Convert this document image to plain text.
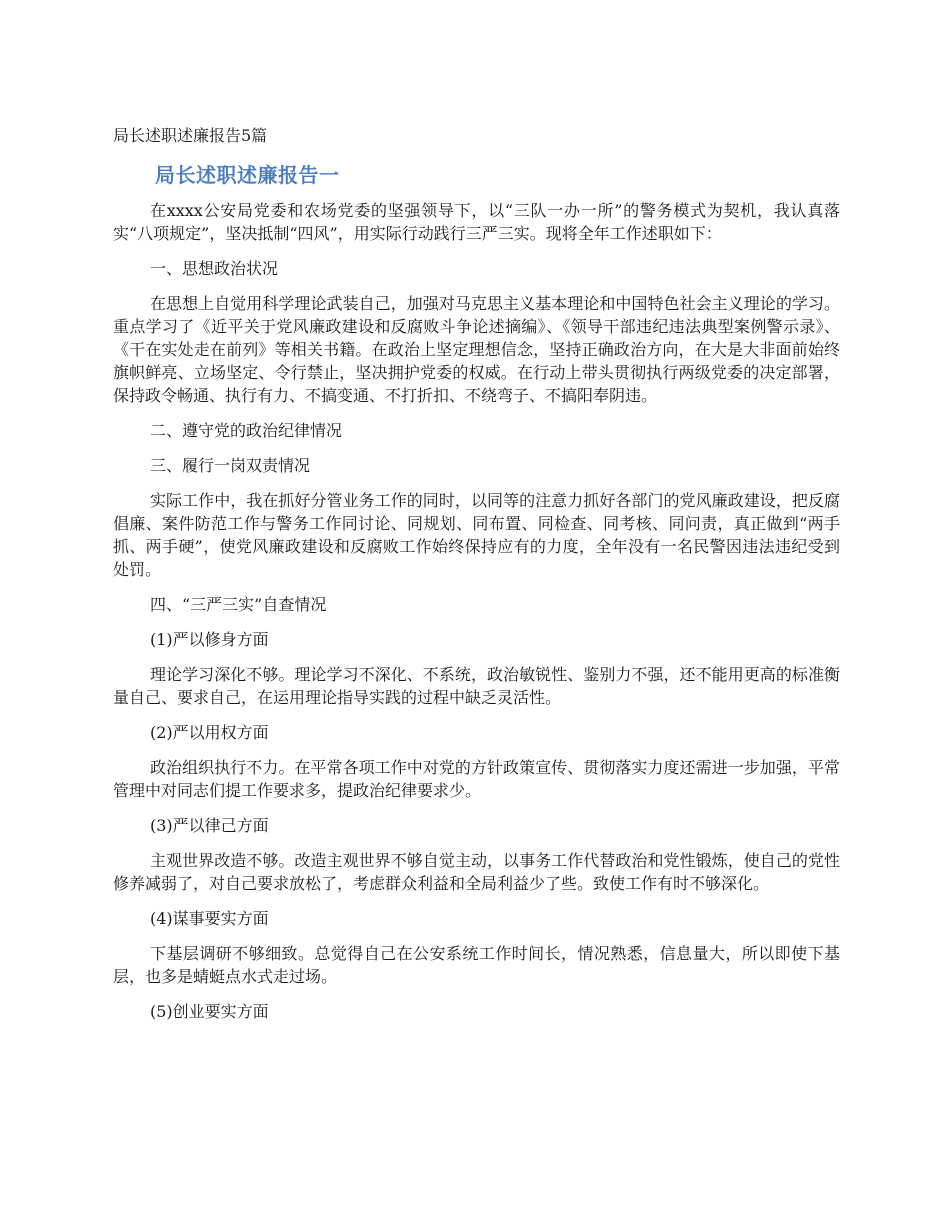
局长述职述廉报告5篇
局长述职述廉报告一

在xxxx公安局党委和农场党委的坚强领导下，以“三队一办一所”的警务模式为契机，我认真落实“八项规定”，坚决抵制“四风”，用实际行动践行三严三实。现将全年工作述职如下：

一、思想政治状况

在思想上自觉用科学理论武装自己，加强对马克思主义基本理论和中国特色社会主义理论的学习。重点学习了《近平关于党风廉政建设和反腐败斗争论述摘编》、《领导干部违纪违法典型案例警示录》、《干在实处走在前列》等相关书籍。在政治上坚定理想信念，坚持正确政治方向，在大是大非面前始终旗帜鲜亮、立场坚定、令行禁止，坚决拥护党委的权威。在行动上带头贯彻执行两级党委的决定部署，保持政令畅通、执行有力、不搞变通、不打折扣、不绕弯子、不搞阳奉阴违。

二、遵守党的政治纪律情况

三、履行一岗双责情况

实际工作中，我在抓好分管业务工作的同时，以同等的注意力抓好各部门的党风廉政建设，把反腐倡廉、案件防范工作与警务工作同讨论、同规划、同布置、同检查、同考核、同问责，真正做到“两手抓、两手硬”，使党风廉政建设和反腐败工作始终保持应有的力度，全年没有一名民警因违法违纪受到处罚。

四、“三严三实”自查情况

(1)严以修身方面

理论学习深化不够。理论学习不深化、不系统，政治敏锐性、鉴别力不强，还不能用更高的标准衡量自己、要求自己，在运用理论指导实践的过程中缺乏灵活性。

(2)严以用权方面

政治组织执行不力。在平常各项工作中对党的方针政策宣传、贯彻落实力度还需进一步加强，平常管理中对同志们提工作要求多，提政治纪律要求少。

(3)严以律己方面

主观世界改造不够。改造主观世界不够自觉主动，以事务工作代替政治和党性锻炼，使自己的党性修养减弱了，对自己要求放松了，考虑群众利益和全局利益少了些。致使工作有时不够深化。

(4)谋事要实方面

下基层调研不够细致。总觉得自己在公安系统工作时间长，情况熟悉，信息量大，所以即使下基层，也多是蜻蜓点水式走过场。

(5)创业要实方面
